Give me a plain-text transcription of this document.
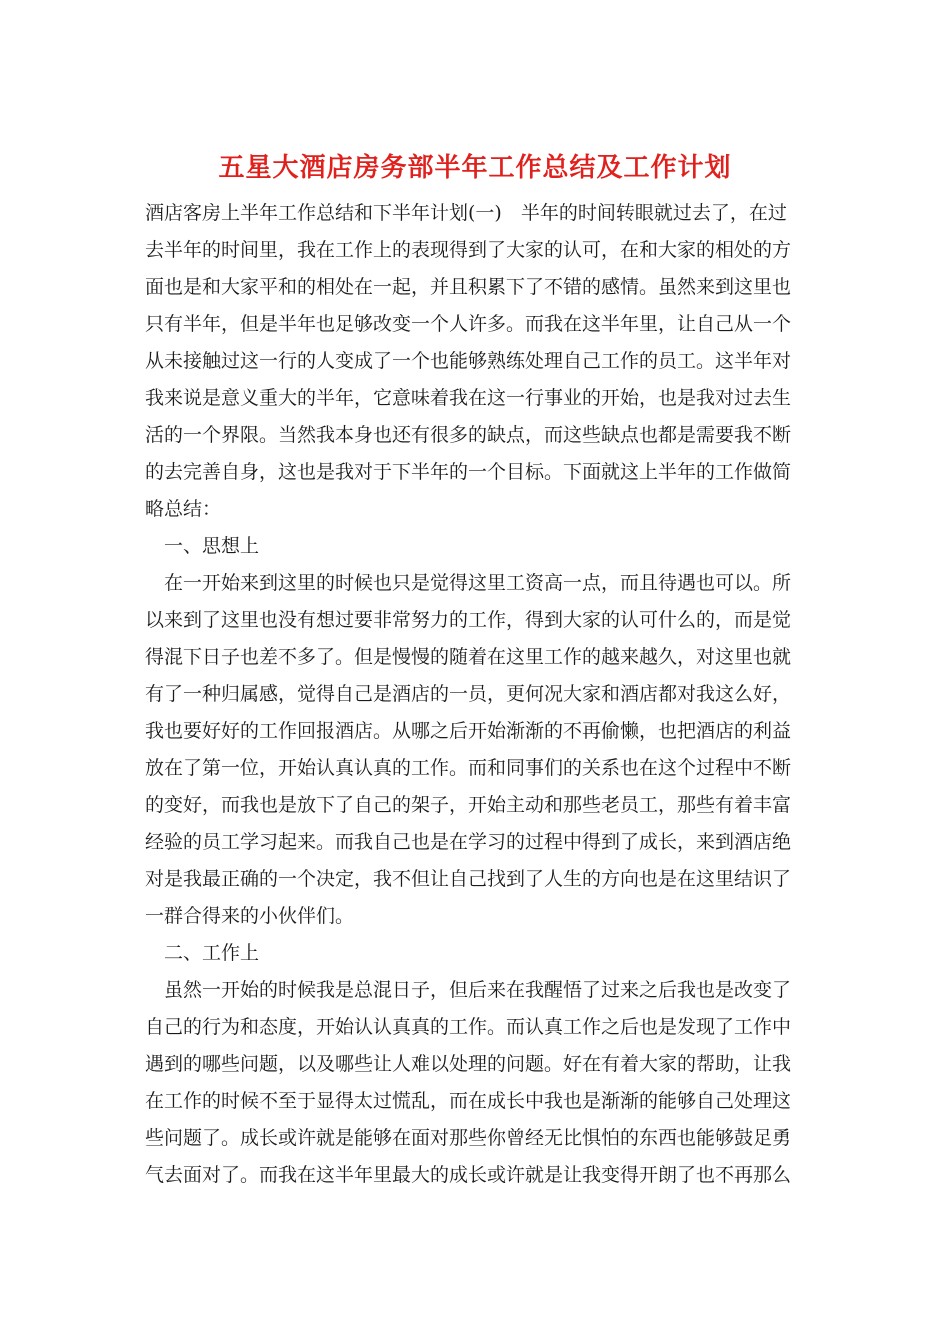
五星大酒店房务部半年工作总结及工作计划
酒店客房上半年工作总结和下半年计划(一)　半年的时间转眼就过去了，在过
去半年的时间里，我在工作上的表现得到了大家的认可，在和大家的相处的方
面也是和大家平和的相处在一起，并且积累下了不错的感情。虽然来到这里也
只有半年，但是半年也足够改变一个人许多。而我在这半年里，让自己从一个
从未接触过这一行的人变成了一个也能够熟练处理自己工作的员工。这半年对
我来说是意义重大的半年，它意味着我在这一行事业的开始，也是我对过去生
活的一个界限。当然我本身也还有很多的缺点，而这些缺点也都是需要我不断
的去完善自身，这也是我对于下半年的一个目标。下面就这上半年的工作做简
略总结：
一、思想上
在一开始来到这里的时候也只是觉得这里工资高一点，而且待遇也可以。所
以来到了这里也没有想过要非常努力的工作，得到大家的认可什么的，而是觉
得混下日子也差不多了。但是慢慢的随着在这里工作的越来越久，对这里也就
有了一种归属感，觉得自己是酒店的一员，更何况大家和酒店都对我这么好，
我也要好好的工作回报酒店。从哪之后开始渐渐的不再偷懒，也把酒店的利益
放在了第一位，开始认真认真的工作。而和同事们的关系也在这个过程中不断
的变好，而我也是放下了自己的架子，开始主动和那些老员工，那些有着丰富
经验的员工学习起来。而我自己也是在学习的过程中得到了成长，来到酒店绝
对是我最正确的一个决定，我不但让自己找到了人生的方向也是在这里结识了
一群合得来的小伙伴们。
二、工作上
虽然一开始的时候我是总混日子，但后来在我醒悟了过来之后我也是改变了
自己的行为和态度，开始认认真真的工作。而认真工作之后也是发现了工作中
遇到的哪些问题，以及哪些让人难以处理的问题。好在有着大家的帮助，让我
在工作的时候不至于显得太过慌乱，而在成长中我也是渐渐的能够自己处理这
些问题了。成长或许就是能够在面对那些你曾经无比惧怕的东西也能够鼓足勇
气去面对了。而我在这半年里最大的成长或许就是让我变得开朗了也不再那么
